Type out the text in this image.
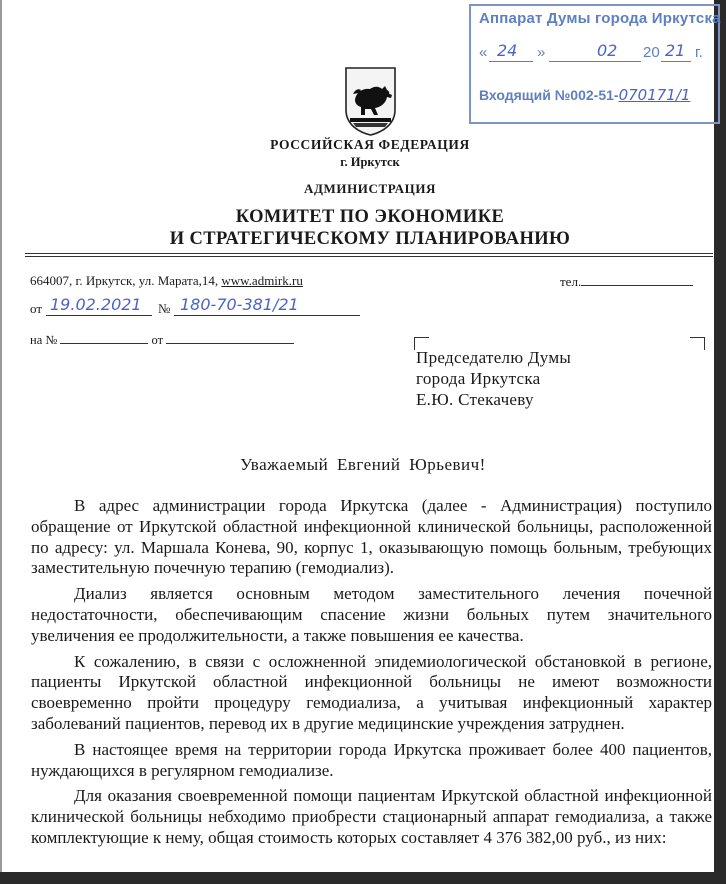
Аппарат Думы города Иркутска
« 24 »	02 20 21 г.
Входящий №002-51-070171/1
РОССИЙСКАЯ ФЕДЕРАЦИЯ
г. Иркутск
АДМИНИСТРАЦИЯ
КОМИТЕТ ПО ЭКОНОМИКЕ
И СТРАТЕГИЧЕСКОМУ ПЛАНИРОВАНИЮ
664007, г. Иркутск, ул. Марата,14, www.admirk.ru	тел.
от 19.02.2021 № 180-70-381/21
на №	от
Председателю Думы
города Иркутска
Е.Ю. Стекачеву
Уважаемый Евгений Юрьевич!

В адрес администрации города Иркутска (далее - Администрация) поступило обращение от Иркутской областной инфекционной клинической больницы, расположенной по адресу: ул. Маршала Конева, 90, корпус 1, оказывающую помощь больным, требующих заместительную почечную терапию (гемодиализ).

Диализ является основным методом заместительного лечения почечной недостаточности, обеспечивающим спасение жизни больных путем значительного увеличения ее продолжительности, а также повышения ее качества.

К сожалению, в связи с осложненной эпидемиологической обстановкой в регионе, пациенты Иркутской областной инфекционной больницы не имеют возможности своевременно пройти процедуру гемодиализа, а учитывая инфекционный характер заболеваний пациентов, перевод их в другие медицинские учреждения затруднен.

В настоящее время на территории города Иркутска проживает более 400 пациентов, нуждающихся в регулярном гемодиализе.

Для оказания своевременной помощи пациентам Иркутской областной инфекционной клинической больницы небходимо приобрести стационарный аппарат гемодиализа, а также комплектующие к нему, общая стоимость которых составляет 4 376 382,00 руб., из них:
